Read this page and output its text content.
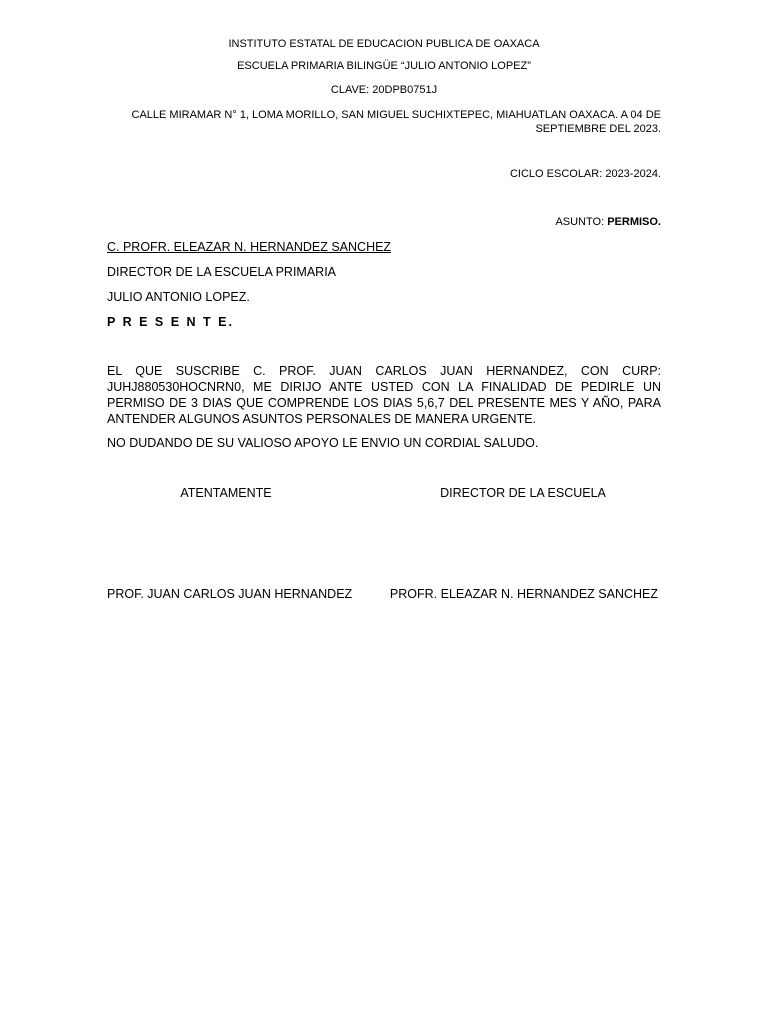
INSTITUTO ESTATAL DE EDUCACION PUBLICA DE OAXACA
ESCUELA PRIMARIA BILINGÜE “JULIO ANTONIO LOPEZ”
CLAVE: 20DPB0751J
CALLE MIRAMAR N° 1, LOMA MORILLO, SAN MIGUEL SUCHIXTEPEC, MIAHUATLAN OAXACA. A 04 DE
SEPTIEMBRE DEL 2023.
CICLO ESCOLAR: 2023-2024.
ASUNTO: PERMISO.
C. PROFR. ELEAZAR N. HERNANDEZ SANCHEZ
DIRECTOR DE LA ESCUELA PRIMARIA
JULIO ANTONIO LOPEZ.
P R E S E N T E.
EL QUE SUSCRIBE C. PROF. JUAN CARLOS JUAN HERNANDEZ, CON CURP: JUHJ880530HOCNRN0, ME DIRIJO ANTE USTED CON LA FINALIDAD DE PEDIRLE UN PERMISO DE 3 DIAS QUE COMPRENDE LOS DIAS 5,6,7 DEL PRESENTE MES Y AÑO, PARA ANTENDER ALGUNOS ASUNTOS PERSONALES DE MANERA URGENTE.
NO DUDANDO DE SU VALIOSO APOYO LE ENVIO UN CORDIAL SALUDO.
ATENTAMENTE	DIRECTOR DE LA ESCUELA
PROF. JUAN CARLOS JUAN HERNANDEZ	PROFR. ELEAZAR N. HERNANDEZ SANCHEZ
